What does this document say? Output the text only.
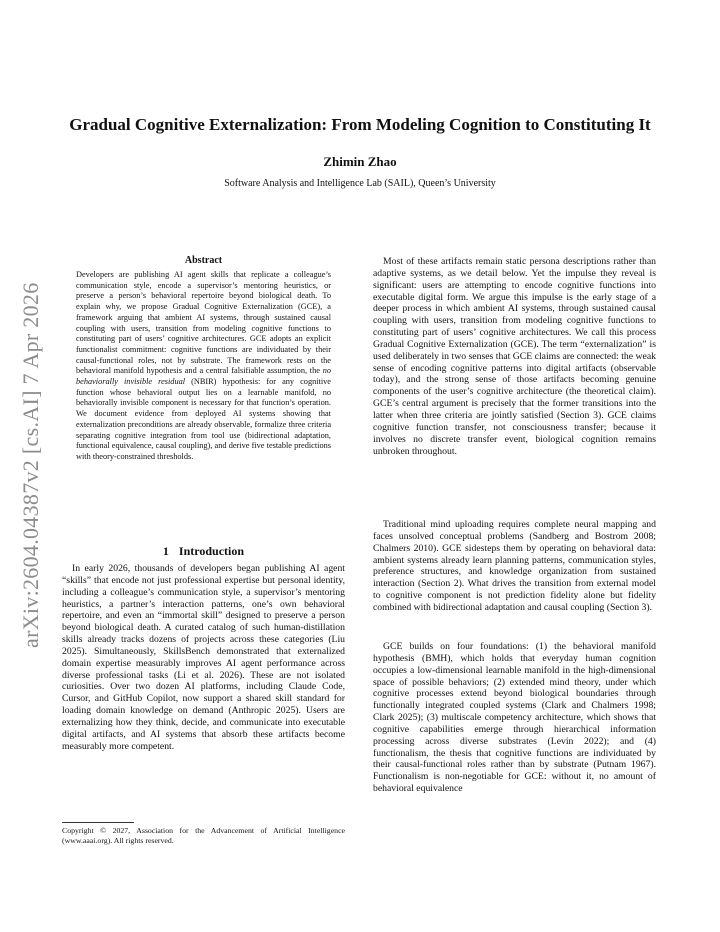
arXiv:2604.04387v2 [cs.AI] 7 Apr 2026
Gradual Cognitive Externalization: From Modeling Cognition to Constituting It
Zhimin Zhao
Software Analysis and Intelligence Lab (SAIL), Queen’s University
Abstract

Developers are publishing AI agent skills that replicate a colleague’s communication style, encode a supervisor’s mentoring heuristics, or preserve a person’s behavioral repertoire beyond biological death. To explain why, we propose Gradual Cognitive Externalization (GCE), a framework arguing that ambient AI systems, through sustained causal coupling with users, transition from modeling cognitive functions to constituting part of users’ cognitive architectures. GCE adopts an explicit functionalist commitment: cognitive functions are individuated by their causal-functional roles, not by substrate. The framework rests on the behavioral manifold hypothesis and a central falsifiable assumption, the no behaviorally invisible residual (NBIR) hypothesis: for any cognitive function whose behavioral output lies on a learnable manifold, no behaviorally invisible component is necessary for that function’s operation. We document evidence from deployed AI systems showing that externalization preconditions are already observable, formalize three criteria separating cognitive integration from tool use (bidirectional adaptation, functional equivalence, causal coupling), and derive five testable predictions with theory-constrained thresholds.

1 Introduction

In early 2026, thousands of developers began publishing AI agent “skills” that encode not just professional expertise but personal identity, including a colleague’s communication style, a supervisor’s mentoring heuristics, a partner’s interaction patterns, one’s own behavioral repertoire, and even an “immortal skill” designed to preserve a person beyond biological death. A curated catalog of such human-distillation skills already tracks dozens of projects across these categories (Liu 2025). Simultaneously, SkillsBench demonstrated that externalized domain expertise measurably improves AI agent performance across diverse professional tasks (Li et al. 2026). These are not isolated curiosities. Over two dozen AI platforms, including Claude Code, Cursor, and GitHub Copilot, now support a shared skill standard for loading domain knowledge on demand (Anthropic 2025). Users are externalizing how they think, decide, and communicate into executable digital artifacts, and AI systems that absorb these artifacts become measurably more competent.

Copyright © 2027, Association for the Advancement of Artificial Intelligence (www.aaai.org). All rights reserved.

Most of these artifacts remain static persona descriptions rather than adaptive systems, as we detail below. Yet the impulse they reveal is significant: users are attempting to encode cognitive functions into executable digital form. We argue this impulse is the early stage of a deeper process in which ambient AI systems, through sustained causal coupling with users, transition from modeling cognitive functions to constituting part of users’ cognitive architectures. We call this process Gradual Cognitive Externalization (GCE). The term “externalization” is used deliberately in two senses that GCE claims are connected: the weak sense of encoding cognitive patterns into digital artifacts (observable today), and the strong sense of those artifacts becoming genuine components of the user’s cognitive architecture (the theoretical claim). GCE’s central argument is precisely that the former transitions into the latter when three criteria are jointly satisfied (Section 3). GCE claims cognitive function transfer, not consciousness transfer; because it involves no discrete transfer event, biological cognition remains unbroken throughout.

Traditional mind uploading requires complete neural mapping and faces unsolved conceptual problems (Sandberg and Bostrom 2008; Chalmers 2010). GCE sidesteps them by operating on behavioral data: ambient systems already learn planning patterns, communication styles, preference structures, and knowledge organization from sustained interaction (Section 2). What drives the transition from external model to cognitive component is not prediction fidelity alone but fidelity combined with bidirectional adaptation and causal coupling (Section 3).

GCE builds on four foundations: (1) the behavioral manifold hypothesis (BMH), which holds that everyday human cognition occupies a low-dimensional learnable manifold in the high-dimensional space of possible behaviors; (2) extended mind theory, under which cognitive processes extend beyond biological boundaries through functionally integrated coupled systems (Clark and Chalmers 1998; Clark 2025); (3) multiscale competency architecture, which shows that cognitive capabilities emerge through hierarchical information processing across diverse substrates (Levin 2022); and (4) functionalism, the thesis that cognitive functions are individuated by their causal-functional roles rather than by substrate (Putnam 1967). Functionalism is non-negotiable for GCE: without it, no amount of behavioral equivalence
